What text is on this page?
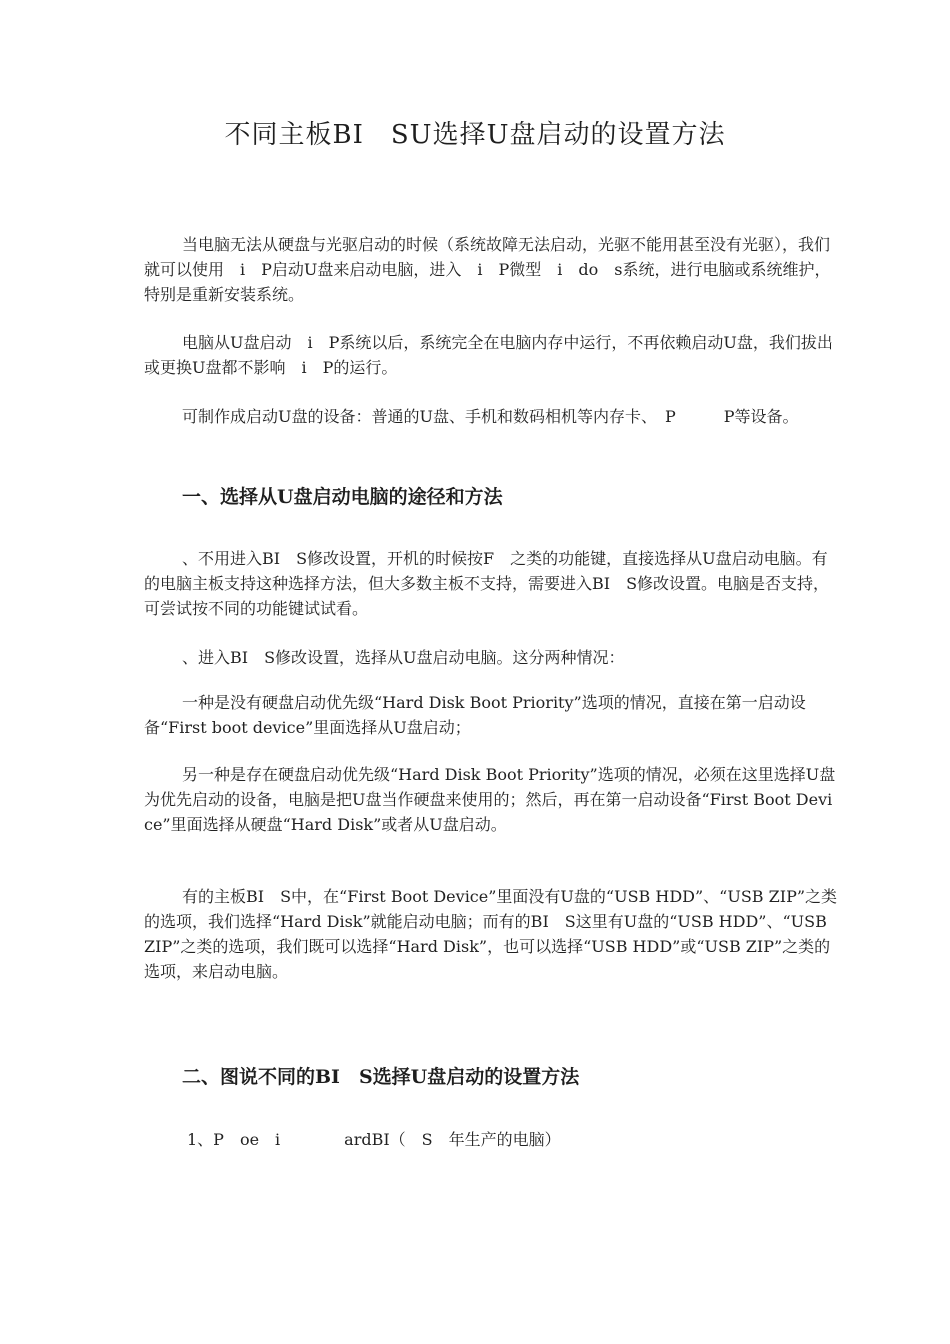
不同主板BI　SU选择U盘启动的设置方法

当电脑无法从硬盘与光驱启动的时候（系统故障无法启动，光驱不能用甚至没有光驱），我们就可以使用　i　P启动U盘来启动电脑，进入　i　P微型　i　do　s系统，进行电脑或系统维护，特别是重新安装系统。

电脑从U盘启动　i　P系统以后，系统完全在电脑内存中运行，不再依赖启动U盘，我们拔出或更换U盘都不影响　i　P的运行。

可制作成启动U盘的设备：普通的U盘、手机和数码相机等内存卡、　P　　　P等设备。

一、选择从U盘启动电脑的途径和方法

、不用进入BI　S修改设置，开机的时候按F　之类的功能键，直接选择从U盘启动电脑。有的电脑主板支持这种选择方法，但大多数主板不支持，需要进入BI　S修改设置。电脑是否支持，可尝试按不同的功能键试试看。

、进入BI　S修改设置，选择从U盘启动电脑。这分两种情况：

一种是没有硬盘启动优先级“Hard Disk Boot Priority”选项的情况，直接在第一启动设备“First boot device”里面选择从U盘启动；

另一种是存在硬盘启动优先级“Hard Disk Boot Priority”选项的情况，必须在这里选择U盘为优先启动的设备，电脑是把U盘当作硬盘来使用的；然后，再在第一启动设备“First Boot Device”里面选择从硬盘“Hard Disk”或者从U盘启动。

有的主板BI　S中，在“First Boot Device”里面没有U盘的“USB HDD”、“USB ZIP”之类的选项，我们选择“Hard Disk”就能启动电脑；而有的BI　S这里有U盘的“USB HDD”、“USB ZIP”之类的选项，我们既可以选择“Hard Disk”，也可以选择“USB HDD”或“USB ZIP”之类的选项，来启动电脑。

二、图说不同的BI　S选择U盘启动的设置方法

1、P　oe　i　　　　ardBI（　S　年生产的电脑）
